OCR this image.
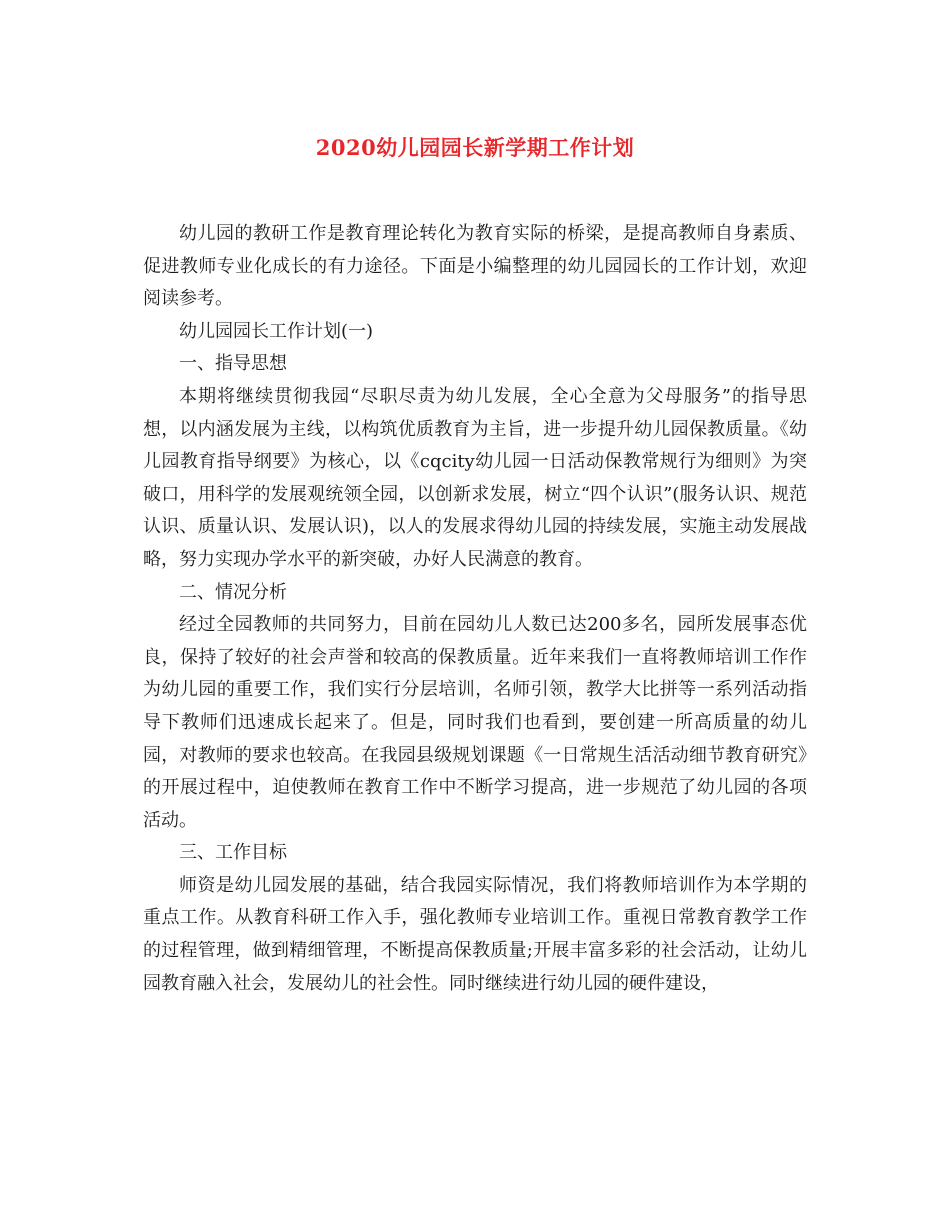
2020幼儿园园长新学期工作计划

幼儿园的教研工作是教育理论转化为教育实际的桥梁，是提高教师自身素质、促进教师专业化成长的有力途径。下面是小编整理的幼儿园园长的工作计划，欢迎阅读参考。

幼儿园园长工作计划(一)

一、指导思想

本期将继续贯彻我园“尽职尽责为幼儿发展，全心全意为父母服务”的指导思想，以内涵发展为主线，以构筑优质教育为主旨，进一步提升幼儿园保教质量。《幼儿园教育指导纲要》为核心，以《cqcity幼儿园一日活动保教常规行为细则》为突破口，用科学的发展观统领全园，以创新求发展，树立“四个认识”(服务认识、规范认识、质量认识、发展认识)，以人的发展求得幼儿园的持续发展，实施主动发展战略，努力实现办学水平的新突破，办好人民满意的教育。

二、情况分析

经过全园教师的共同努力，目前在园幼儿人数已达200多名，园所发展事态优良，保持了较好的社会声誉和较高的保教质量。近年来我们一直将教师培训工作作为幼儿园的重要工作，我们实行分层培训，名师引领，教学大比拼等一系列活动指导下教师们迅速成长起来了。但是，同时我们也看到，要创建一所高质量的幼儿园，对教师的要求也较高。在我园县级规划课题《一日常规生活活动细节教育研究》的开展过程中，迫使教师在教育工作中不断学习提高，进一步规范了幼儿园的各项活动。

三、工作目标

师资是幼儿园发展的基础，结合我园实际情况，我们将教师培训作为本学期的重点工作。从教育科研工作入手，强化教师专业培训工作。重视日常教育教学工作的过程管理，做到精细管理，不断提高保教质量;开展丰富多彩的社会活动，让幼儿园教育融入社会，发展幼儿的社会性。同时继续进行幼儿园的硬件建设，
